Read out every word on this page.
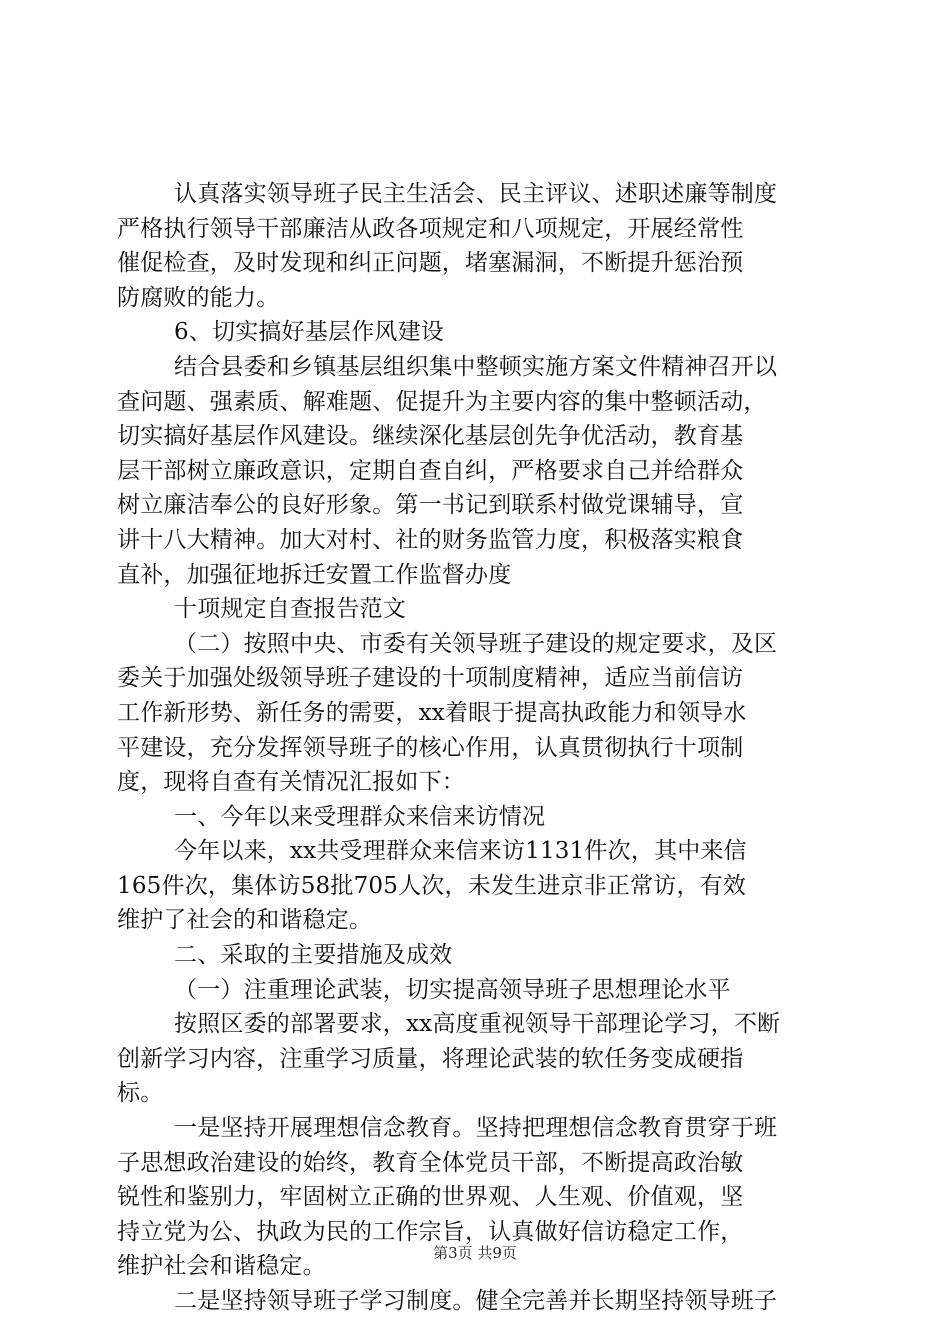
认真落实领导班子民主生活会、民主评议、述职述廉等制度
严格执行领导干部廉洁从政各项规定和八项规定，开展经常性
催促检查，及时发现和纠正问题，堵塞漏洞，不断提升惩治预
防腐败的能力。
6、切实搞好基层作风建设
结合县委和乡镇基层组织集中整顿实施方案文件精神召开以
查问题、强素质、解难题、促提升为主要内容的集中整顿活动，
切实搞好基层作风建设。继续深化基层创先争优活动，教育基
层干部树立廉政意识，定期自查自纠，严格要求自己并给群众
树立廉洁奉公的良好形象。第一书记到联系村做党课辅导，宣
讲十八大精神。加大对村、社的财务监管力度，积极落实粮食
直补，加强征地拆迁安置工作监督办度
十项规定自查报告范文
（二）按照中央、市委有关领导班子建设的规定要求，及区
委关于加强处级领导班子建设的十项制度精神，适应当前信访
工作新形势、新任务的需要，xx着眼于提高执政能力和领导水
平建设，充分发挥领导班子的核心作用，认真贯彻执行十项制
度，现将自查有关情况汇报如下：
一、今年以来受理群众来信来访情况
今年以来，xx共受理群众来信来访1131件次，其中来信
165件次，集体访58批705人次，未发生进京非正常访，有效
维护了社会的和谐稳定。
二、采取的主要措施及成效
（一）注重理论武装，切实提高领导班子思想理论水平
按照区委的部署要求，xx高度重视领导干部理论学习，不断
创新学习内容，注重学习质量，将理论武装的软任务变成硬指
标。
一是坚持开展理想信念教育。坚持把理想信念教育贯穿于班
子思想政治建设的始终，教育全体党员干部，不断提高政治敏
锐性和鉴别力，牢固树立正确的世界观、人生观、价值观，坚
持立党为公、执政为民的工作宗旨，认真做好信访稳定工作，
维护社会和谐稳定。
二是坚持领导班子学习制度。健全完善并长期坚持领导班子
第3页 共9页
